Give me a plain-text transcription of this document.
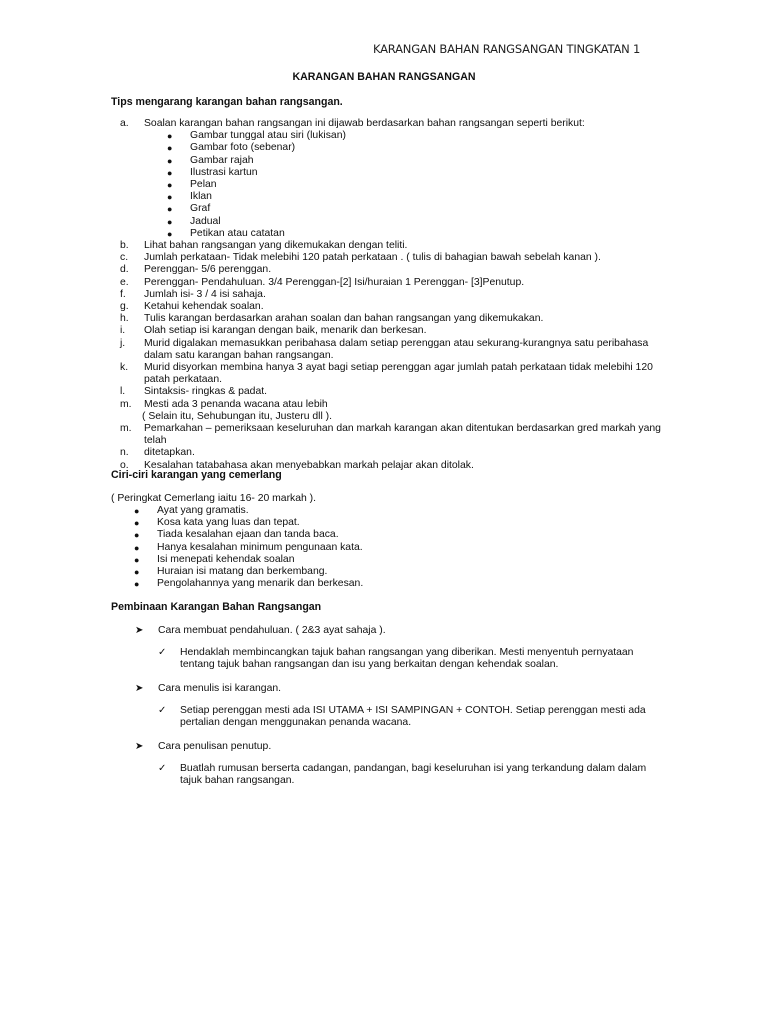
KARANGAN BAHAN RANGSANGAN TINGKATAN 1
KARANGAN BAHAN RANGSANGAN
Tips mengarang karangan bahan rangsangan.
a. Soalan karangan bahan rangsangan ini dijawab berdasarkan bahan rangsangan seperti berikut:
● Gambar tunggal atau siri (lukisan)
● Gambar foto (sebenar)
● Gambar rajah
● Ilustrasi kartun
● Pelan
● Iklan
● Graf
● Jadual
● Petikan atau catatan
b. Lihat bahan rangsangan yang dikemukakan dengan teliti.
c. Jumlah perkataan- Tidak melebihi 120 patah perkataan . ( tulis di bahagian bawah sebelah kanan ).
d. Perenggan- 5/6 perenggan.
e. Perenggan- Pendahuluan. 3/4 Perenggan-[2] Isi/huraian 1 Perenggan- [3]Penutup.
f. Jumlah isi- 3 / 4 isi sahaja.
g. Ketahui kehendak soalan.
h. Tulis karangan berdasarkan arahan soalan dan bahan rangsangan yang dikemukakan.
i. Olah setiap isi karangan dengan baik, menarik dan berkesan.
j. Murid digalakan memasukkan peribahasa dalam setiap perenggan atau sekurang-kurangnya satu peribahasa dalam satu karangan bahan rangsangan.
k. Murid disyorkan membina hanya 3 ayat bagi setiap perenggan agar jumlah patah perkataan tidak melebihi 120 patah perkataan.
l. Sintaksis- ringkas & padat.
m. Mesti ada 3 penanda wacana atau lebih
( Selain itu, Sehubungan itu, Justeru dll ).
m. Pemarkahan – pemeriksaan keseluruhan dan markah karangan akan ditentukan berdasarkan gred markah yang telah
n. ditetapkan.
o. Kesalahan tatabahasa akan menyebabkan markah pelajar akan ditolak.
Ciri-ciri karangan yang cemerlang
( Peringkat Cemerlang iaitu 16- 20 markah ).
● Ayat yang gramatis.
● Kosa kata yang luas dan tepat.
● Tiada kesalahan ejaan dan tanda baca.
● Hanya kesalahan minimum pengunaan kata.
● Isi menepati kehendak soalan
● Huraian isi matang dan berkembang.
● Pengolahannya yang menarik dan berkesan.
Pembinaan Karangan Bahan Rangsangan
➤ Cara membuat pendahuluan. ( 2&3 ayat sahaja ).
✓ Hendaklah membincangkan tajuk bahan rangsangan yang diberikan. Mesti menyentuh pernyataan tentang tajuk bahan rangsangan dan isu yang berkaitan dengan kehendak soalan.
➤ Cara menulis isi karangan.
✓ Setiap perenggan mesti ada ISI UTAMA + ISI SAMPINGAN + CONTOH. Setiap perenggan mesti ada pertalian dengan menggunakan penanda wacana.
➤ Cara penulisan penutup.
✓ Buatlah rumusan berserta cadangan, pandangan, bagi keseluruhan isi yang terkandung dalam dalam tajuk bahan rangsangan.
